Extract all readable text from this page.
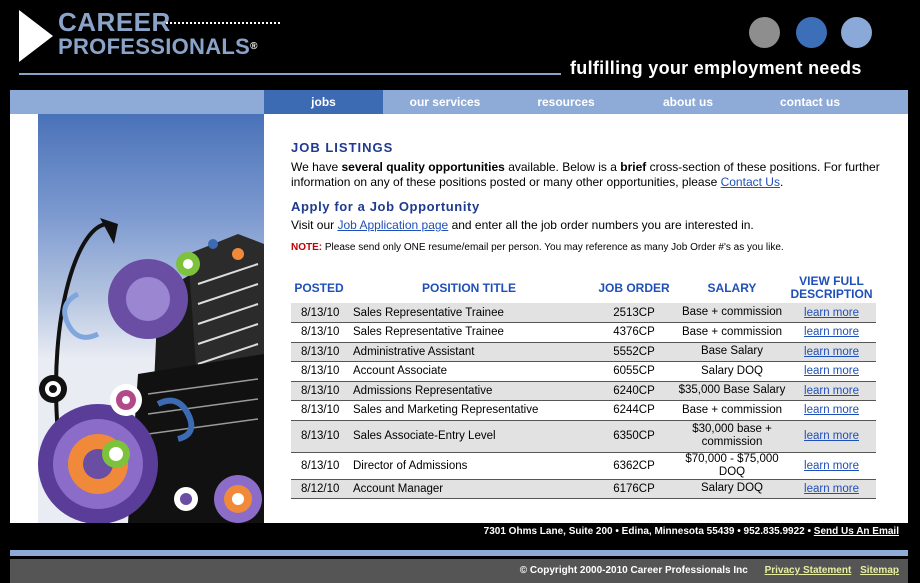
CAREER
PROFESSIONALS®
fulfilling your employment needs
jobs	our services	resources	about us	contact us
JOB LISTINGS
We have several quality opportunities available. Below is a brief cross-section of these positions. For further information on any of these positions posted or many other opportunities, please Contact Us.
Apply for a Job Opportunity
Visit our Job Application page and enter all the job order numbers you are interested in.
NOTE: Please send only ONE resume/email per person. You may reference as many Job Order #'s as you like.
POSTED	POSITION TITLE	JOB ORDER	SALARY	VIEW FULL
DESCRIPTION
8/13/10	Sales Representative Trainee	2513CP	Base + commission	learn more
8/13/10	Sales Representative Trainee	4376CP	Base + commission	learn more
8/13/10	Administrative Assistant	5552CP	Base Salary	learn more
8/13/10	Account Associate	6055CP	Salary DOQ	learn more
8/13/10	Admissions Representative	6240CP	$35,000 Base Salary	learn more
8/13/10	Sales and Marketing Representative	6244CP	Base + commission	learn more
8/13/10	Sales Associate-Entry Level	6350CP	$30,000 base + commission	learn more
8/13/10	Director of Admissions	6362CP	$70,000 - $75,000 DOQ	learn more
8/12/10	Account Manager	6176CP	Salary DOQ	learn more
7301 Ohms Lane, Suite 200 • Edina, Minnesota 55439 • 952.835.9922 • Send Us An Email
© Copyright 2000-2010 Career Professionals Inc Privacy Statement Sitemap
